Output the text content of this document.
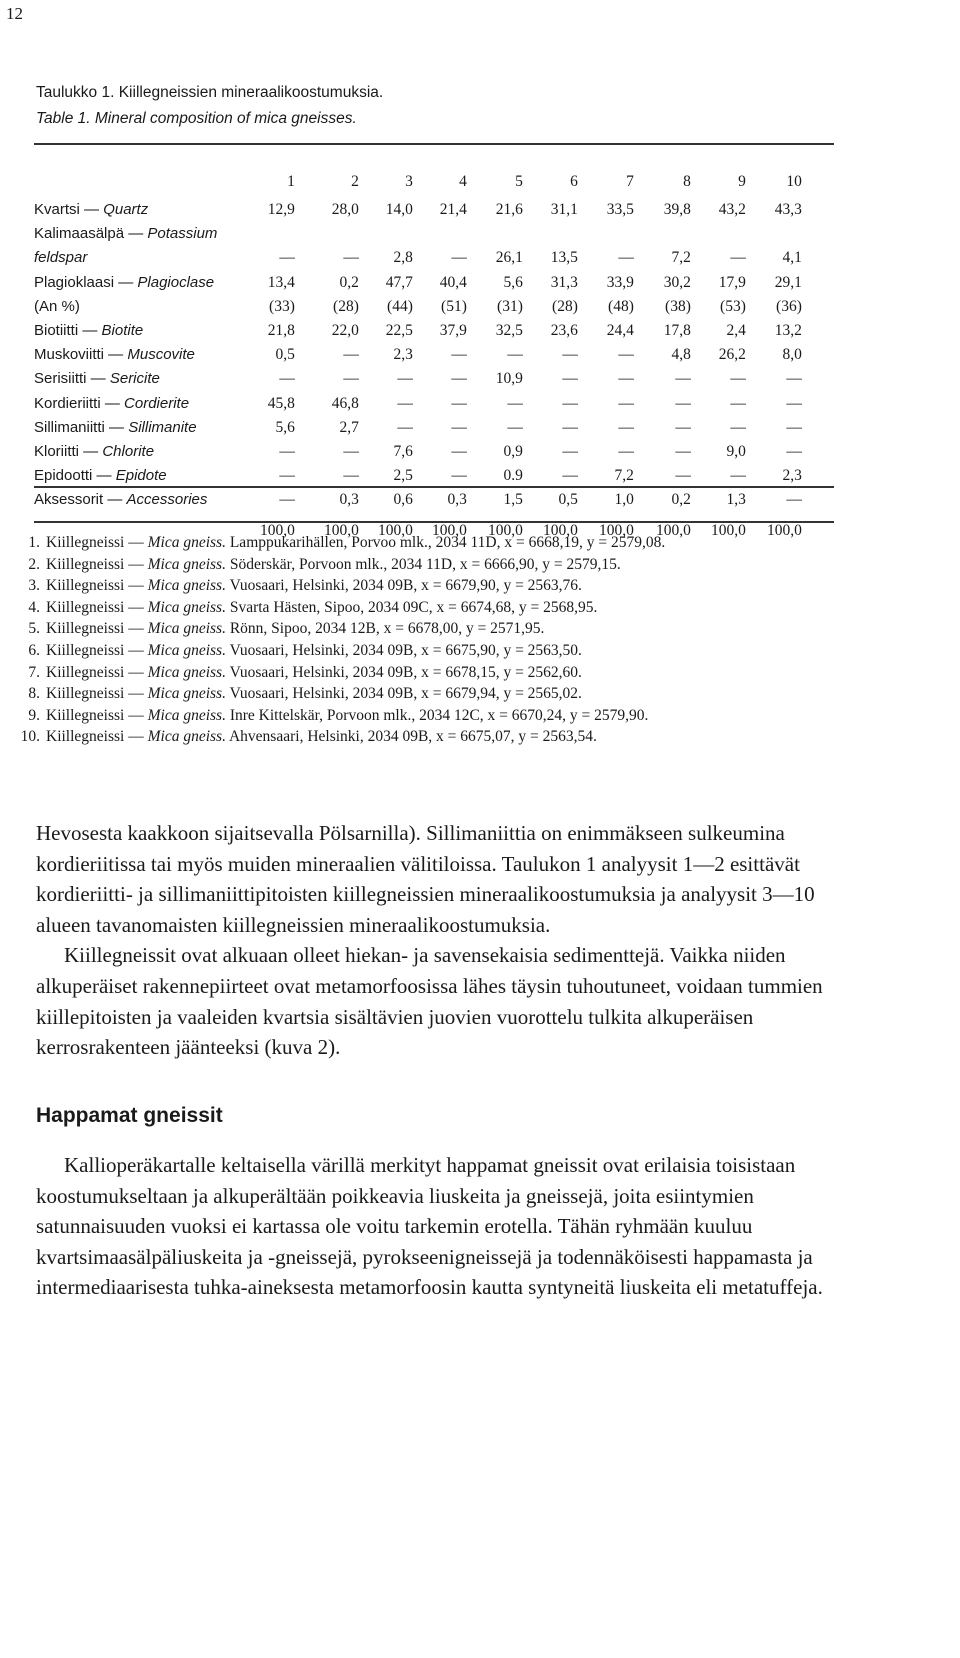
12
Taulukko 1. Kiillegneissien mineraalikoostumuksia.
Table 1. Mineral composition of mica gneisses.
	1	2	3	4	5	6	7	8	9	10
Kvartsi — Quartz	12,9	28,0	14,0	21,4	21,6	31,1	33,5	39,8	43,2	43,3
Kalimaasälpä — Potassium										
feldspar	—	—	2,8	—	26,1	13,5	—	7,2	—	4,1
Plagioklaasi — Plagioclase	13,4	0,2	47,7	40,4	5,6	31,3	33,9	30,2	17,9	29,1
(An %)	(33)	(28)	(44)	(51)	(31)	(28)	(48)	(38)	(53)	(36)
Biotiitti — Biotite	21,8	22,0	22,5	37,9	32,5	23,6	24,4	17,8	2,4	13,2
Muskoviitti — Muscovite	0,5	—	2,3	—	—	—	—	4,8	26,2	8,0
Serisiitti — Sericite	—	—	—	—	10,9	—	—	—	—	—
Kordieriitti — Cordierite	45,8	46,8	—	—	—	—	—	—	—	—
Sillimaniitti — Sillimanite	5,6	2,7	—	—	—	—	—	—	—	—
Kloriitti — Chlorite	—	—	7,6	—	0,9	—	—	—	9,0	—
Epidootti — Epidote	—	—	2,5	—	0.9	—	7,2	—	—	2,3
Aksessorit — Accessories	—	0,3	0,6	0,3	1,5	0,5	1,0	0,2	1,3	—
	100,0	100,0	100,0	100,0	100,0	100,0	100,0	100,0	100,0	100,0
1. Kiillegneissi — Mica gneiss. Lamppukarihällen, Porvoo mlk., 2034 11D, x = 6668,19, y = 2579,08.
2. Kiillegneissi — Mica gneiss. Söderskär, Porvoon mlk., 2034 11D, x = 6666,90, y = 2579,15.
3. Kiillegneissi — Mica gneiss. Vuosaari, Helsinki, 2034 09B, x = 6679,90, y = 2563,76.
4. Kiillegneissi — Mica gneiss. Svarta Hästen, Sipoo, 2034 09C, x = 6674,68, y = 2568,95.
5. Kiillegneissi — Mica gneiss. Rönn, Sipoo, 2034 12B, x = 6678,00, y = 2571,95.
6. Kiillegneissi — Mica gneiss. Vuosaari, Helsinki, 2034 09B, x = 6675,90, y = 2563,50.
7. Kiillegneissi — Mica gneiss. Vuosaari, Helsinki, 2034 09B, x = 6678,15, y = 2562,60.
8. Kiillegneissi — Mica gneiss. Vuosaari, Helsinki, 2034 09B, x = 6679,94, y = 2565,02.
9. Kiillegneissi — Mica gneiss. Inre Kittelskär, Porvoon mlk., 2034 12C, x = 6670,24, y = 2579,90.
10. Kiillegneissi — Mica gneiss. Ahvensaari, Helsinki, 2034 09B, x = 6675,07, y = 2563,54.

Hevosesta kaakkoon sijaitsevalla Pölsarnilla). Sillimaniittia on enimmäkseen sulkeumina kordieriitissa tai myös muiden mineraalien välitiloissa. Taulukon 1 analyysit 1—2 esittävät kordieriitti- ja sillimaniittipitoisten kiillegneissien mineraalikoostumuksia ja analyysit 3—10 alueen tavanomaisten kiillegneissien mineraalikoostumuksia.

Kiillegneissit ovat alkuaan olleet hiekan- ja savensekaisia sedimenttejä. Vaikka niiden alkuperäiset rakennepiirteet ovat metamorfoosissa lähes täysin tuhoutuneet, voidaan tummien kiillepitoisten ja vaaleiden kvartsia sisältävien juovien vuorottelu tulkita alkuperäisen kerrosrakenteen jäänteeksi (kuva 2).

Happamat gneissit

Kallioperäkartalle keltaisella värillä merkityt happamat gneissit ovat erilaisia toisistaan koostumukseltaan ja alkuperältään poikkeavia liuskeita ja gneissejä, joita esiintymien satunnaisuuden vuoksi ei kartassa ole voitu tarkemin erotella. Tähän ryhmään kuuluu kvartsimaasälpäliuskeita ja -gneissejä, pyrokseenigneissejä ja todennäköisesti happamasta ja intermediaarisesta tuhka-aineksesta metamorfoosin kautta syntyneitä liuskeita eli metatuffeja.
